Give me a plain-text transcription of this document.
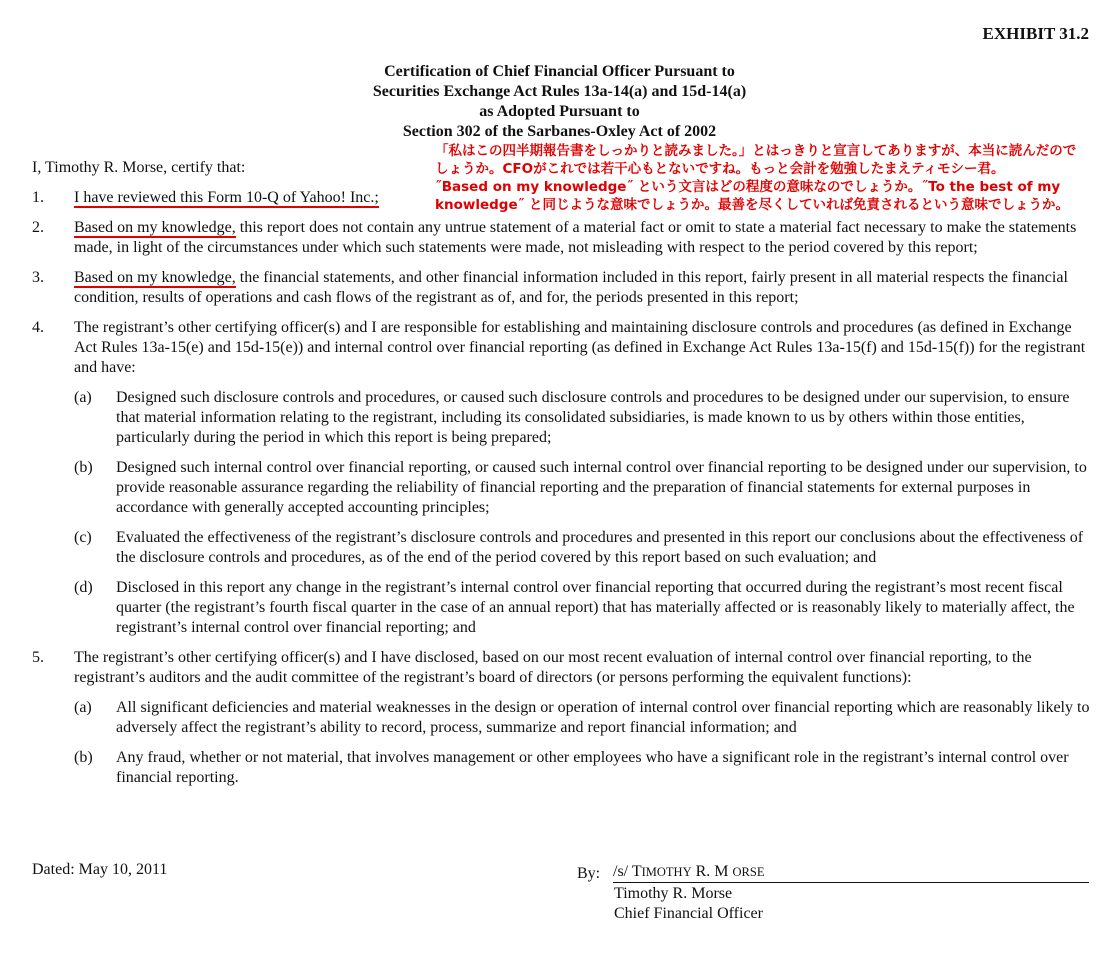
EXHIBIT 31.2
Certification of Chief Financial Officer Pursuant to
Securities Exchange Act Rules 13a-14(a) and 15d-14(a)
as Adopted Pursuant to
Section 302 of the Sarbanes-Oxley Act of 2002
I, Timothy R. Morse, certify that:
「私はこの四半期報告書をしっかりと読みました。」とはっきりと宣言してありますが、本当に読んだので
しょうか。CFOがこれでは若干心もとないですね。もっと会計を勉強したまえティモシー君。
˝Based on my knowledge˝ という文言はどの程度の意味なのでしょうか。˝To the best of my
knowledge˝ と同じような意味でしょうか。最善を尽くしていれば免責されるという意味でしょうか。
1. I have reviewed this Form 10-Q of Yahoo! Inc.;
2. Based on my knowledge, this report does not contain any untrue statement of a material fact or omit to state a material fact necessary to make the statements made, in light of the circumstances under which such statements were made, not misleading with respect to the period covered by this report;
3. Based on my knowledge, the financial statements, and other financial information included in this report, fairly present in all material respects the financial condition, results of operations and cash flows of the registrant as of, and for, the periods presented in this report;
4. The registrant’s other certifying officer(s) and I are responsible for establishing and maintaining disclosure controls and procedures (as defined in Exchange Act Rules 13a-15(e) and 15d-15(e)) and internal control over financial reporting (as defined in Exchange Act Rules 13a-15(f) and 15d-15(f)) for the registrant and have:
(a) Designed such disclosure controls and procedures, or caused such disclosure controls and procedures to be designed under our supervision, to ensure that material information relating to the registrant, including its consolidated subsidiaries, is made known to us by others within those entities, particularly during the period in which this report is being prepared;
(b) Designed such internal control over financial reporting, or caused such internal control over financial reporting to be designed under our supervision, to provide reasonable assurance regarding the reliability of financial reporting and the preparation of financial statements for external purposes in accordance with generally accepted accounting principles;
(c) Evaluated the effectiveness of the registrant’s disclosure controls and procedures and presented in this report our conclusions about the effectiveness of the disclosure controls and procedures, as of the end of the period covered by this report based on such evaluation; and
(d) Disclosed in this report any change in the registrant’s internal control over financial reporting that occurred during the registrant’s most recent fiscal quarter (the registrant’s fourth fiscal quarter in the case of an annual report) that has materially affected or is reasonably likely to materially affect, the registrant’s internal control over financial reporting; and
5. The registrant’s other certifying officer(s) and I have disclosed, based on our most recent evaluation of internal control over financial reporting, to the registrant’s auditors and the audit committee of the registrant’s board of directors (or persons performing the equivalent functions):
(a) All significant deficiencies and material weaknesses in the design or operation of internal control over financial reporting which are reasonably likely to adversely affect the registrant’s ability to record, process, summarize and report financial information; and
(b) Any fraud, whether or not material, that involves management or other employees who have a significant role in the registrant’s internal control over financial reporting.
Dated: May 10, 2011	By: /s/ TIMOTHY R. M ORSE
Timothy R. Morse
Chief Financial Officer
